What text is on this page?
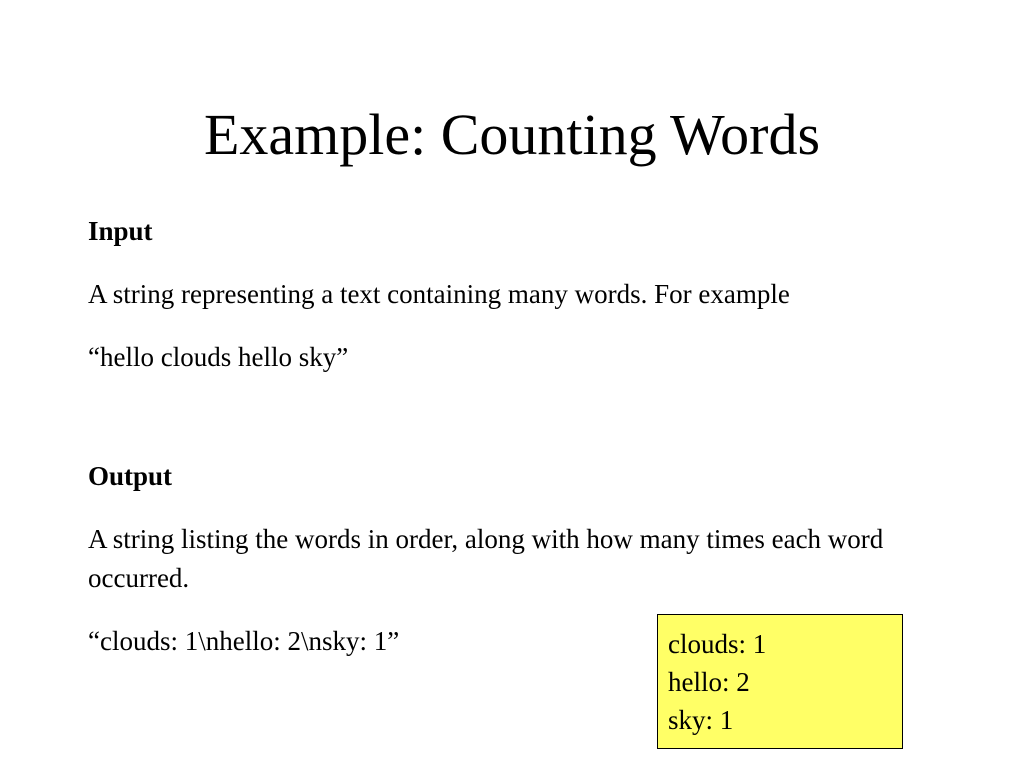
Example: Counting Words

Input

A string representing a text containing many words. For example

“hello clouds hello sky”

Output

A string listing the words in order, along with how many times each word occurred.

“clouds: 1\nhello: 2\nsky: 1”	clouds: 1
hello: 2
sky: 1
